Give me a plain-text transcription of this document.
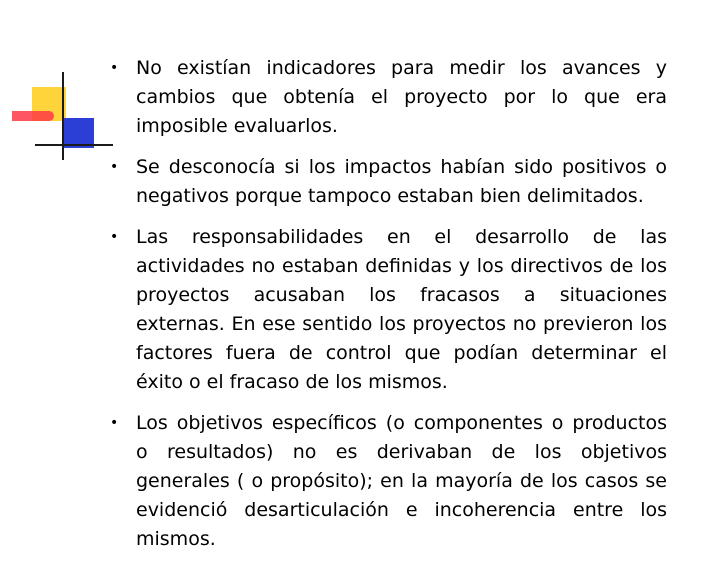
• No existían indicadores para medir los avances y cambios que obtenía el proyecto por lo que era imposible evaluarlos.
• Se desconocía si los impactos habían sido positivos o negativos porque tampoco estaban bien delimitados.
• Las responsabilidades en el desarrollo de las actividades no estaban definidas y los directivos de los proyectos acusaban los fracasos a situaciones externas. En ese sentido los proyectos no previeron los factores fuera de control que podían determinar el éxito o el fracaso de los mismos.
• Los objetivos específicos (o componentes o productos o resultados) no es derivaban de los objetivos generales ( o propósito); en la mayoría de los casos se evidenció desarticulación e incoherencia entre los mismos.
